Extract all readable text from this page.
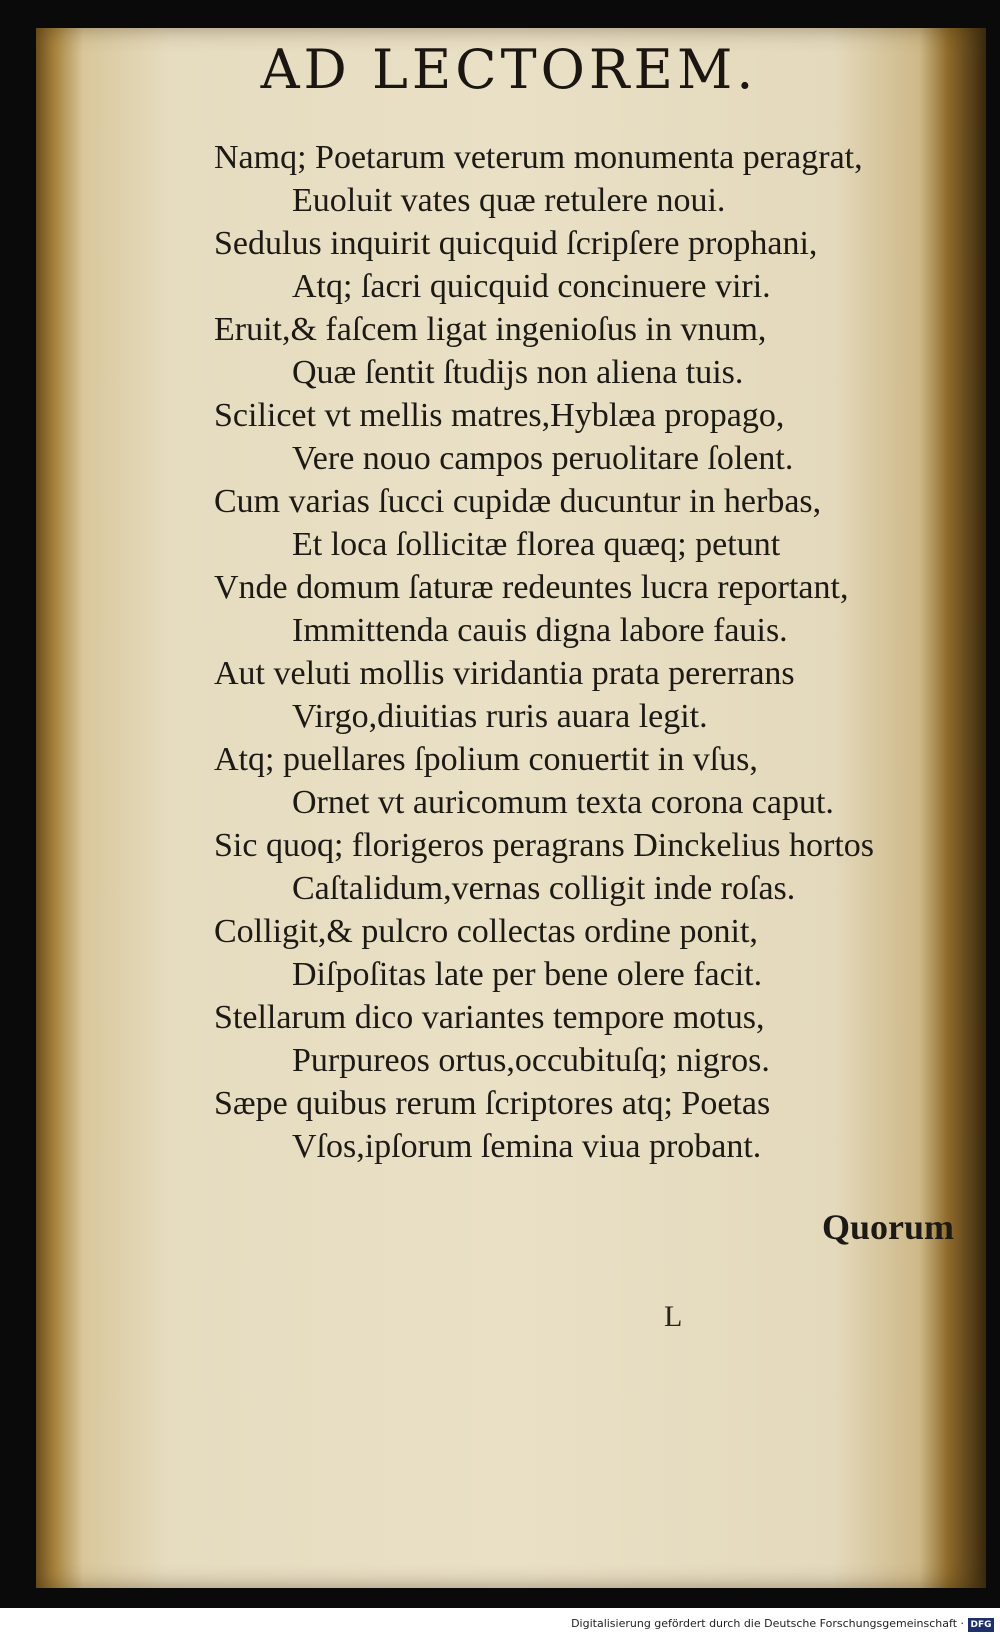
AD LECTOREM.
Namq; Poetarum veterum monumenta peragrat,
Euoluit vates quæ retulere noui.
Sedulus inquirit quicquid ſcripſere prophani,
Atq; ſacri quicquid concinuere viri.
Eruit,& faſcem ligat ingenioſus in vnum,
Quæ ſentit ſtudijs non aliena tuis.
Scilicet vt mellis matres,Hyblæa propago,
Vere nouo campos peruolitare ſolent.
Cum varias ſucci cupidæ ducuntur in herbas,
Et loca ſollicitæ florea quæq; petunt
Vnde domum ſaturæ redeuntes lucra reportant,
Immittenda cauis digna labore fauis.
Aut veluti mollis viridantia prata pererrans
Virgo,diuitias ruris auara legit.
Atq; puellares ſpolium conuertit in vſus,
Ornet vt auricomum texta corona caput.
Sic quoq; florigeros peragrans Dinckelius hortos
Caſtalidum,vernas colligit inde roſas.
Colligit,& pulcro collectas ordine ponit,
Diſpoſitas late per bene olere facit.
Stellarum dico variantes tempore motus,
Purpureos ortus,occubituſq; nigros.
Sæpe quibus rerum ſcriptores atq; Poetas
Vſos,ipſorum ſemina viua probant.
Quorum
L
Digitalisierung gefördert durch die Deutsche Forschungsgemeinschaft · DFG
